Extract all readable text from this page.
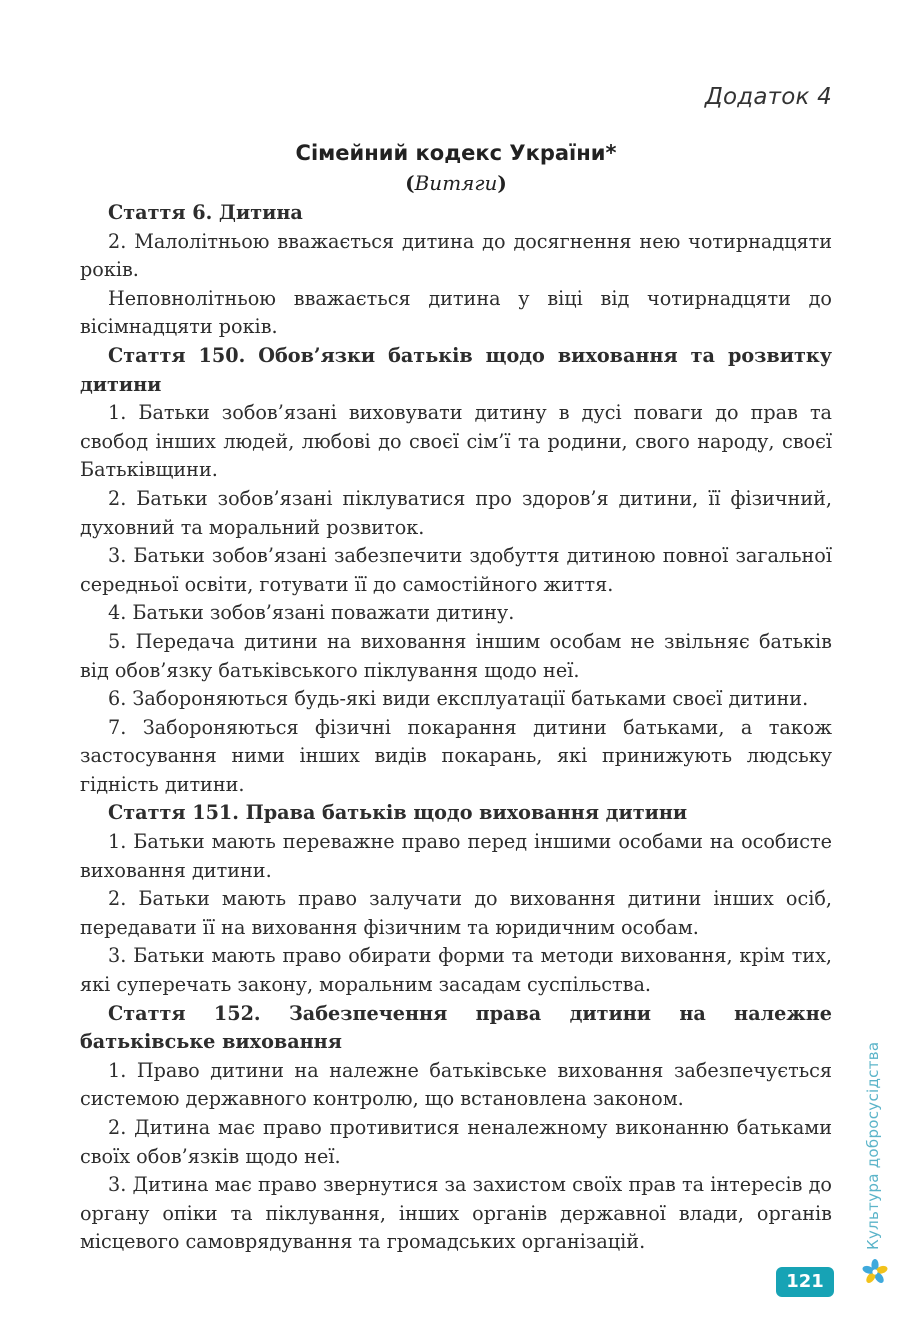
Додаток 4
Сімейний кодекс України*
(Витяги)

Стаття 6. Дитина

2. Малолітньою вважається дитина до досягнення нею чотирнадцяти років.

Неповнолітньою вважається дитина у віці від чотирнадцяти до вісімнадцяти років.

Стаття 150. Обов’язки батьків щодо виховання та розвитку дитини

1. Батьки зобов’язані виховувати дитину в дусі поваги до прав та свобод інших людей, любові до своєї сім’ї та родини, свого народу, своєї Батьківщини.

2. Батьки зобов’язані піклуватися про здоров’я дитини, її фізичний, духовний та моральний розвиток.

3. Батьки зобов’язані забезпечити здобуття дитиною повної загальної середньої освіти, готувати її до самостійного життя.

4. Батьки зобов’язані поважати дитину.

5. Передача дитини на виховання іншим особам не звільняє батьків від обов’язку батьківського піклування щодо неї.

6. Забороняються будь-які види експлуатації батьками своєї дитини.

7. Забороняються фізичні покарання дитини батьками, а також застосування ними інших видів покарань, які принижують людську гідність дитини.

Стаття 151. Права батьків щодо виховання дитини

1. Батьки мають переважне право перед іншими особами на особисте виховання дитини.

2. Батьки мають право залучати до виховання дитини інших осіб, передавати її на виховання фізичним та юридичним особам.

3. Батьки мають право обирати форми та методи виховання, крім тих, які суперечать закону, моральним засадам суспільства.

Стаття 152. Забезпечення права дитини на належне батьківське виховання

1. Право дитини на належне батьківське виховання забезпечується системою державного контролю, що встановлена законом.

2. Дитина має право противитися неналежному виконанню батьками своїх обов’язків щодо неї.

3. Дитина має право звернутися за захистом своїх прав та інтересів до органу опіки та піклування, інших органів державної влади, органів місцевого самоврядування та громадських організацій.	Культура добросусідства
121
